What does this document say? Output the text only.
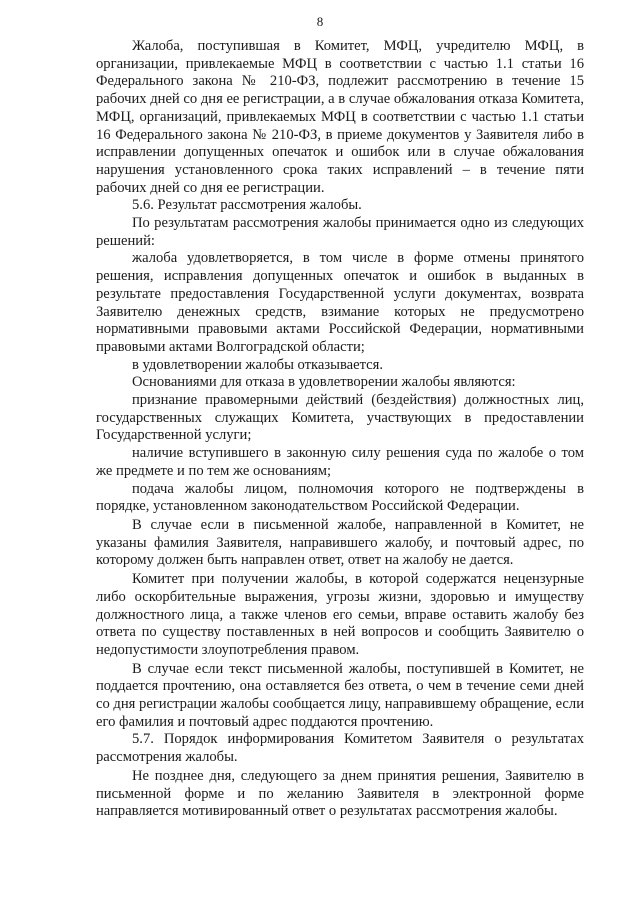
8

Жалоба, поступившая в Комитет, МФЦ, учредителю МФЦ, в организации, привлекаемые МФЦ в соответствии с частью 1.1 статьи 16 Федерального закона № 210-ФЗ, подлежит рассмотрению в течение 15 рабочих дней со дня ее регистрации, а в случае обжалования отказа Комитета, МФЦ, организаций, привлекаемых МФЦ в соответствии с частью 1.1 статьи 16 Федерального закона № 210-ФЗ, в приеме документов у Заявителя либо в исправлении допущенных опечаток и ошибок или в случае обжалования нарушения установленного срока таких исправлений – в течение пяти рабочих дней со дня ее регистрации.

5.6. Результат рассмотрения жалобы.

По результатам рассмотрения жалобы принимается одно из следующих решений:

жалоба удовлетворяется, в том числе в форме отмены принятого решения, исправления допущенных опечаток и ошибок в выданных в результате предоставления Государственной услуги документах, возврата Заявителю денежных средств, взимание которых не предусмотрено нормативными правовыми актами Российской Федерации, нормативными правовыми актами Волгоградской области;

в удовлетворении жалобы отказывается.

Основаниями для отказа в удовлетворении жалобы являются:

признание правомерными действий (бездействия) должностных лиц, государственных служащих Комитета, участвующих в предоставлении Государственной услуги;

наличие вступившего в законную силу решения суда по жалобе о том же предмете и по тем же основаниям;

подача жалобы лицом, полномочия которого не подтверждены в порядке, установленном законодательством Российской Федерации.

В случае если в письменной жалобе, направленной в Комитет, не указаны фамилия Заявителя, направившего жалобу, и почтовый адрес, по которому должен быть направлен ответ, ответ на жалобу не дается.

Комитет при получении жалобы, в которой содержатся нецензурные либо оскорбительные выражения, угрозы жизни, здоровью и имуществу должностного лица, а также членов его семьи, вправе оставить жалобу без ответа по существу поставленных в ней вопросов и сообщить Заявителю о недопустимости злоупотребления правом.

В случае если текст письменной жалобы, поступившей в Комитет, не поддается прочтению, она оставляется без ответа, о чем в течение семи дней со дня регистрации жалобы сообщается лицу, направившему обращение, если его фамилия и почтовый адрес поддаются прочтению.

5.7. Порядок информирования Комитетом Заявителя о результатах рассмотрения жалобы.

Не позднее дня, следующего за днем принятия решения, Заявителю в письменной форме и по желанию Заявителя в электронной форме направляется мотивированный ответ о результатах рассмотрения жалобы.
